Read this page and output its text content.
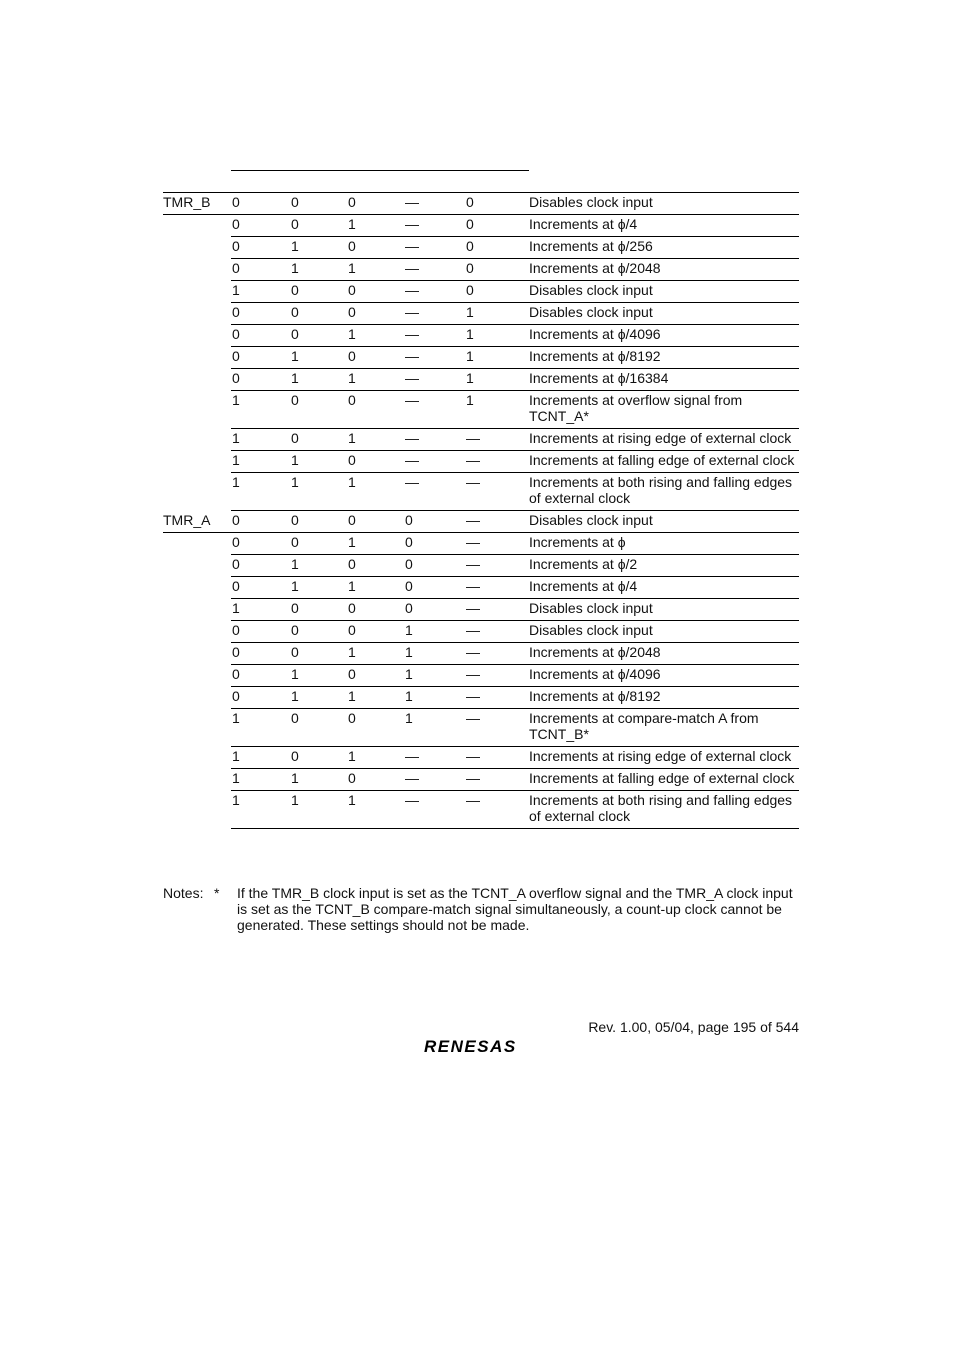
TMR_B 0	0	0	—	0	Disables clock input
0	0	1	—	0	Increments at ϕ/4
0	1	0	—	0	Increments at ϕ/256
0	1	1	—	0	Increments at ϕ/2048
1	0	0	—	0	Disables clock input
0	0	0	—	1	Disables clock input
0	0	1	—	1	Increments at ϕ/4096
0	1	0	—	1	Increments at ϕ/8192
0	1	1	—	1	Increments at ϕ/16384
1	0	0	—	1	Increments at overflow signal from TCNT_A*
1	0	1	—	—	Increments at rising edge of external clock
1	1	0	—	—	Increments at falling edge of external clock
1	1	1	—	—	Increments at both rising and falling edges of external clock
TMR_A 0	0	0	0	—	Disables clock input
0	0	1	0	—	Increments at ϕ
0	1	0	0	—	Increments at ϕ/2
0	1	1	0	—	Increments at ϕ/4
1	0	0	0	—	Disables clock input
0	0	0	1	—	Disables clock input
0	0	1	1	—	Increments at ϕ/2048
0	1	0	1	—	Increments at ϕ/4096
0	1	1	1	—	Increments at ϕ/8192
1	0	0	1	—	Increments at compare-match A from TCNT_B*
1	0	1	—	—	Increments at rising edge of external clock
1	1	0	—	—	Increments at falling edge of external clock
1	1	1	—	—	Increments at both rising and falling edges of external clock
Notes: * If the TMR_B clock input is set as the TCNT_A overflow signal and the TMR_A clock input is set as the TCNT_B compare-match signal simultaneously, a count-up clock cannot be generated. These settings should not be made.
Rev. 1.00, 05/04, page 195 of 544
RENESAS
